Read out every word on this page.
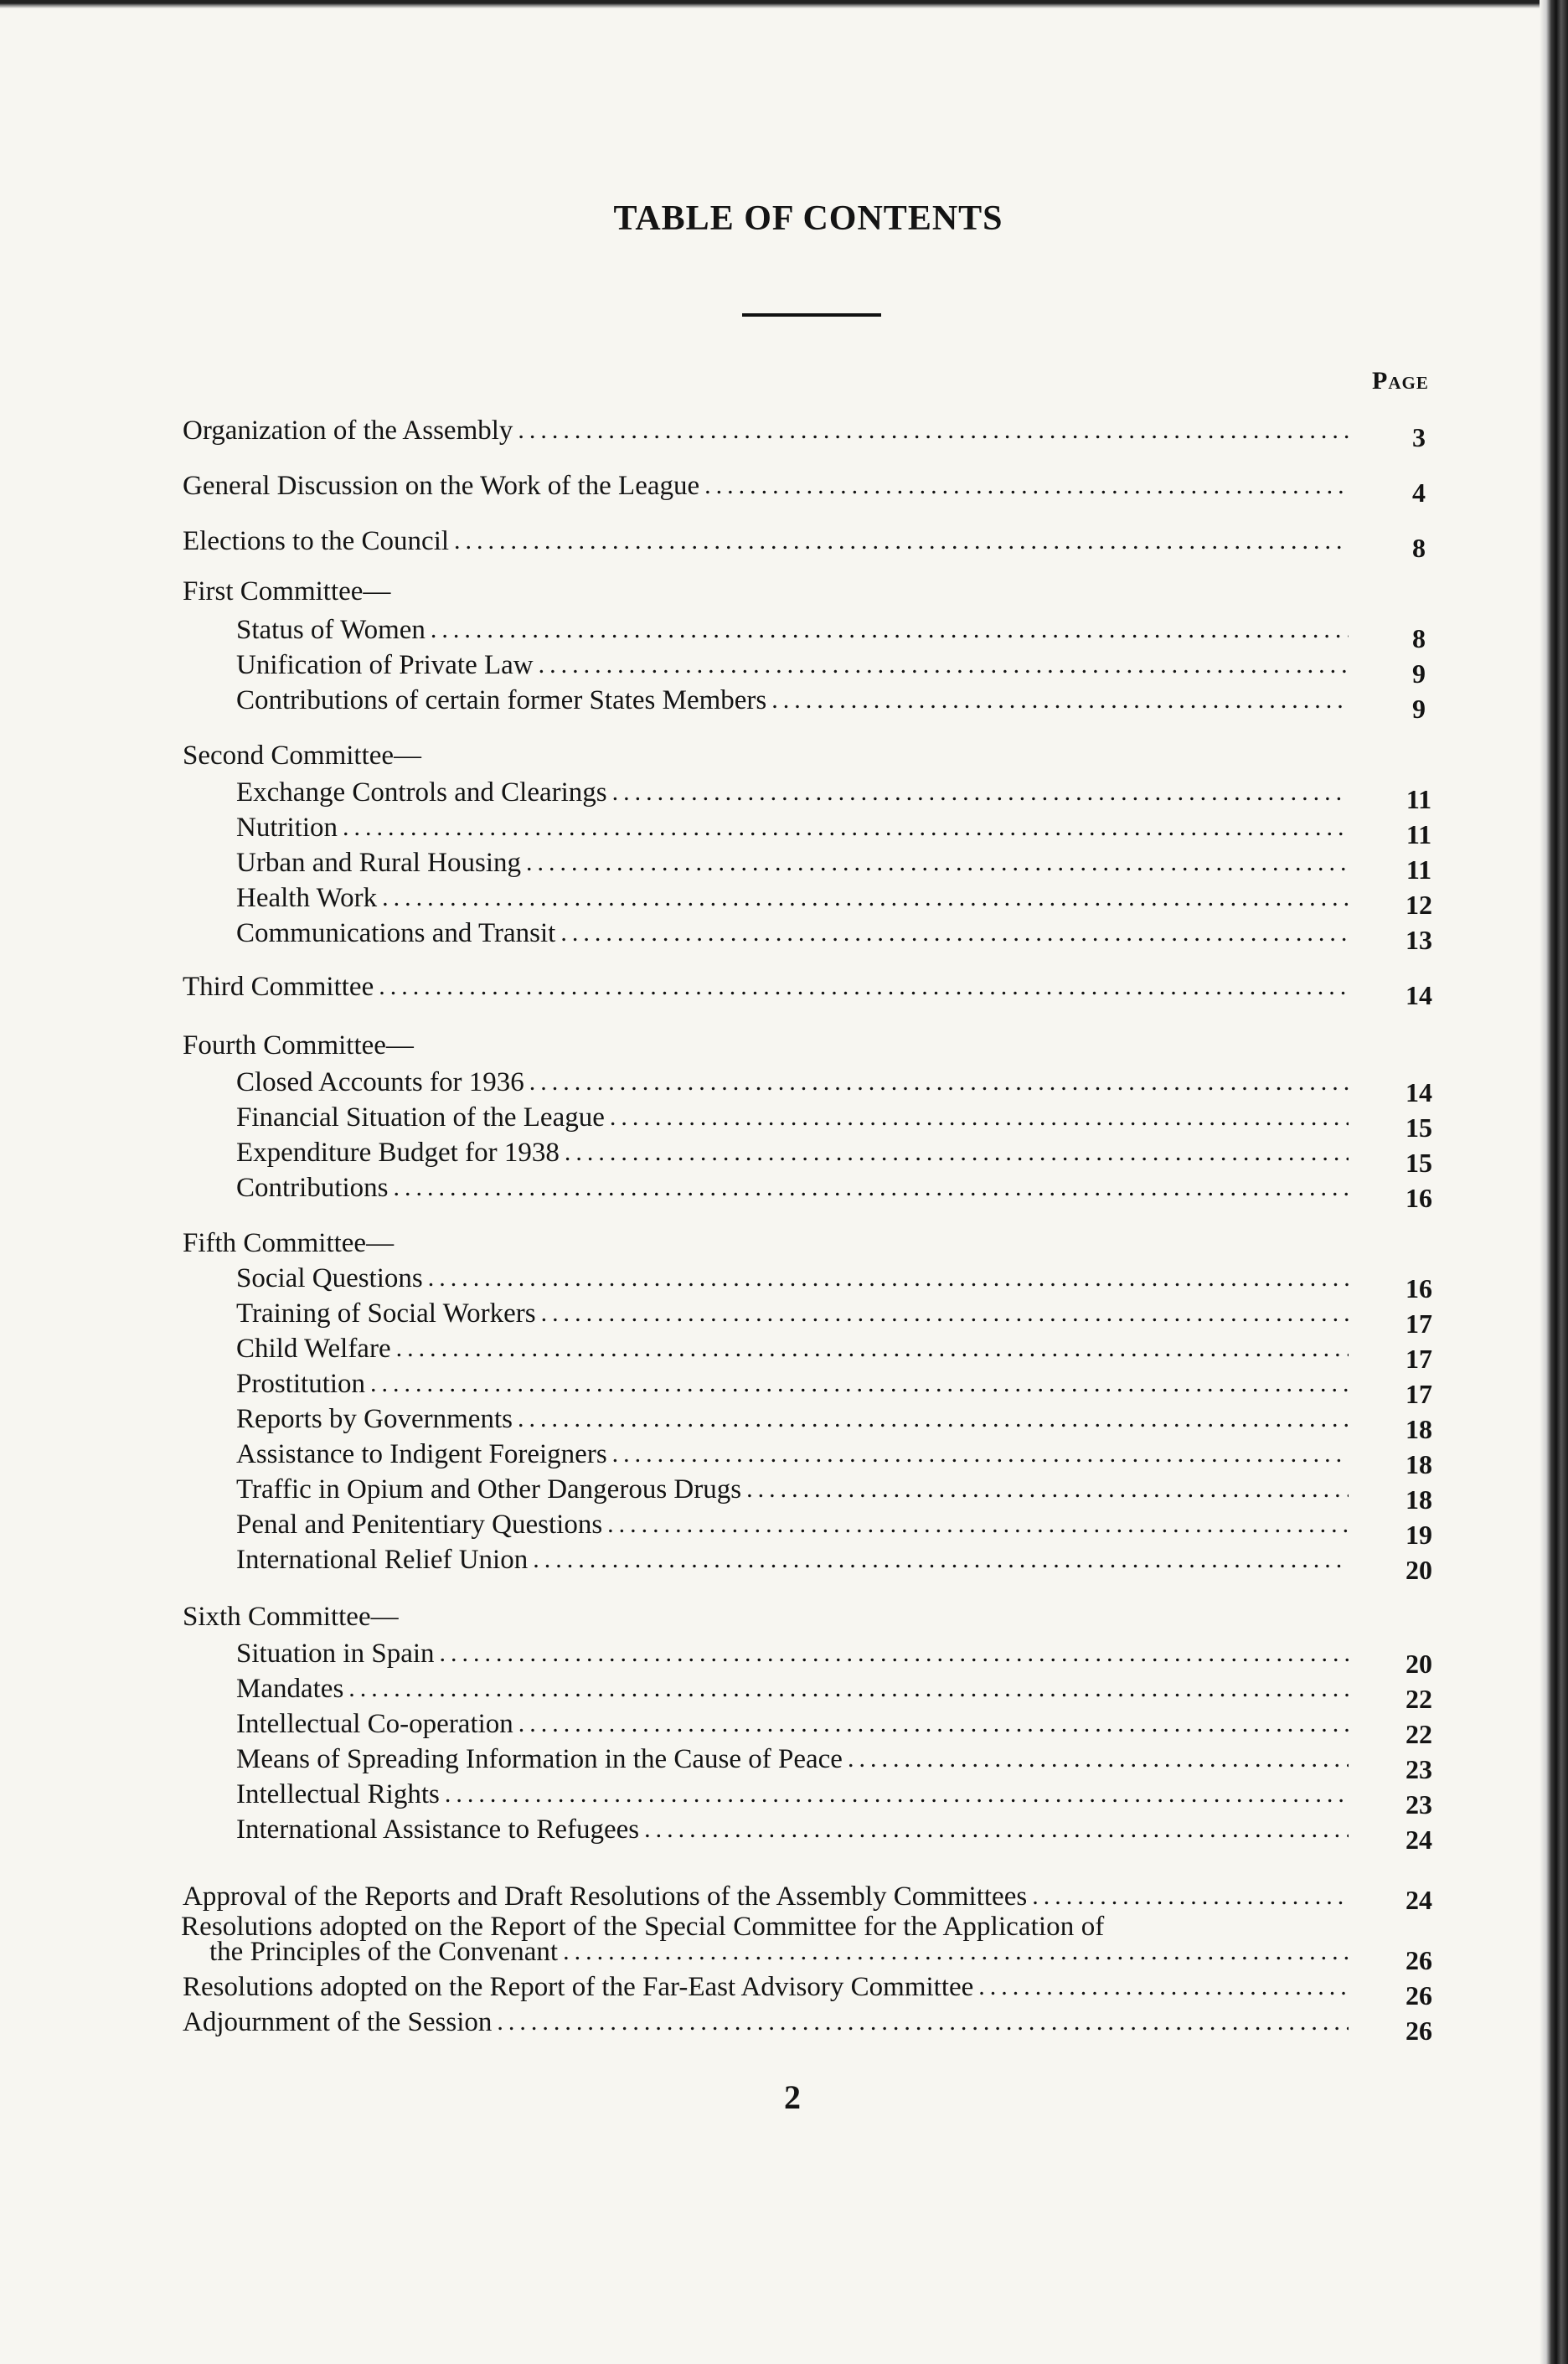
TABLE OF CONTENTS
Page
Organization of the Assembly .....	3
General Discussion on the Work of the League .....	4
Elections to the Council .....	8
First Committee—
Status of Women .....	8
Unification of Private Law .....	9
Contributions of certain former States Members .....	9
Second Committee—
Exchange Controls and Clearings .....	11
Nutrition .....	11
Urban and Rural Housing .....	11
Health Work .....	12
Communications and Transit .....	13
Third Committee .....	14
Fourth Committee—
Closed Accounts for 1936 .....	14
Financial Situation of the League .....	15
Expenditure Budget for 1938 .....	15
Contributions .....	16
Fifth Committee—
Social Questions .....	16
Training of Social Workers .....	17
Child Welfare .....	17
Prostitution .....	17
Reports by Governments .....	18
Assistance to Indigent Foreigners .....	18
Traffic in Opium and Other Dangerous Drugs .....	18
Penal and Penitentiary Questions .....	19
International Relief Union .....	20
Sixth Committee—
Situation in Spain .....	20
Mandates .....	22
Intellectual Co-operation .....	22
Means of Spreading Information in the Cause of Peace .....	23
Intellectual Rights .....	23
International Assistance to Refugees .....	24
Approval of the Reports and Draft Resolutions of the Assembly Committees .....	24
Resolutions adopted on the Report of the Special Committee for the Application of
the Principles of the Convenant .....	26
Resolutions adopted on the Report of the Far-East Advisory Committee .....	26
Adjournment of the Session .....	26
2
